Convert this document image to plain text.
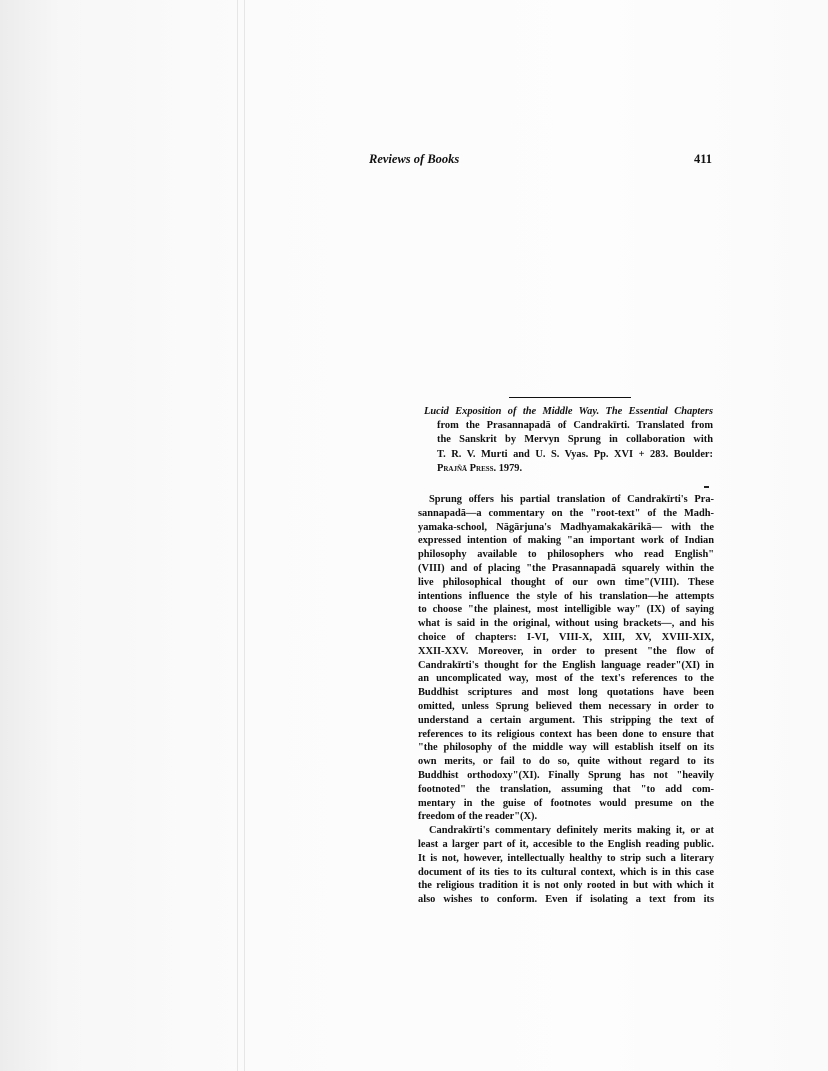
Reviews of Books	411
Lucid Exposition of the Middle Way. The Essential Chapters
from the Prasannapadā of Candrakīrti. Translated from
the Sanskrit by Mervyn Sprung in collaboration with
T. R. V. Murti and U. S. Vyas. Pp. XVI + 283. Boulder:
Prajñā Press. 1979.
Sprung offers his partial translation of Candrakīrti's Pra-
sannapadā—a commentary on the "root-text" of the Madh-
yamaka-school, Nāgārjuna's Madhyamakakārikā— with the
expressed intention of making "an important work of Indian
philosophy available to philosophers who read English"
(VIII) and of placing "the Prasannapadā squarely within the
live philosophical thought of our own time"(VIII). These
intentions influence the style of his translation—he attempts
to choose "the plainest, most intelligible way" (IX) of saying
what is said in the original, without using brackets—, and his
choice of chapters: I-VI, VIII-X, XIII, XV, XVIII-XIX,
XXII-XXV. Moreover, in order to present "the flow of
Candrakīrti's thought for the English language reader"(XI) in
an uncomplicated way, most of the text's references to the
Buddhist scriptures and most long quotations have been
omitted, unless Sprung believed them necessary in order to
understand a certain argument. This stripping the text of
references to its religious context has been done to ensure that
"the philosophy of the middle way will establish itself on its
own merits, or fail to do so, quite without regard to its
Buddhist orthodoxy"(XI). Finally Sprung has not "heavily
footnoted" the translation, assuming that "to add com-
mentary in the guise of footnotes would presume on the
freedom of the reader"(X).
Candrakīrti's commentary definitely merits making it, or at
least a larger part of it, accesible to the English reading public.
It is not, however, intellectually healthy to strip such a literary
document of its ties to its cultural context, which is in this case
the religious tradition it is not only rooted in but with which it
also wishes to conform. Even if isolating a text from its
